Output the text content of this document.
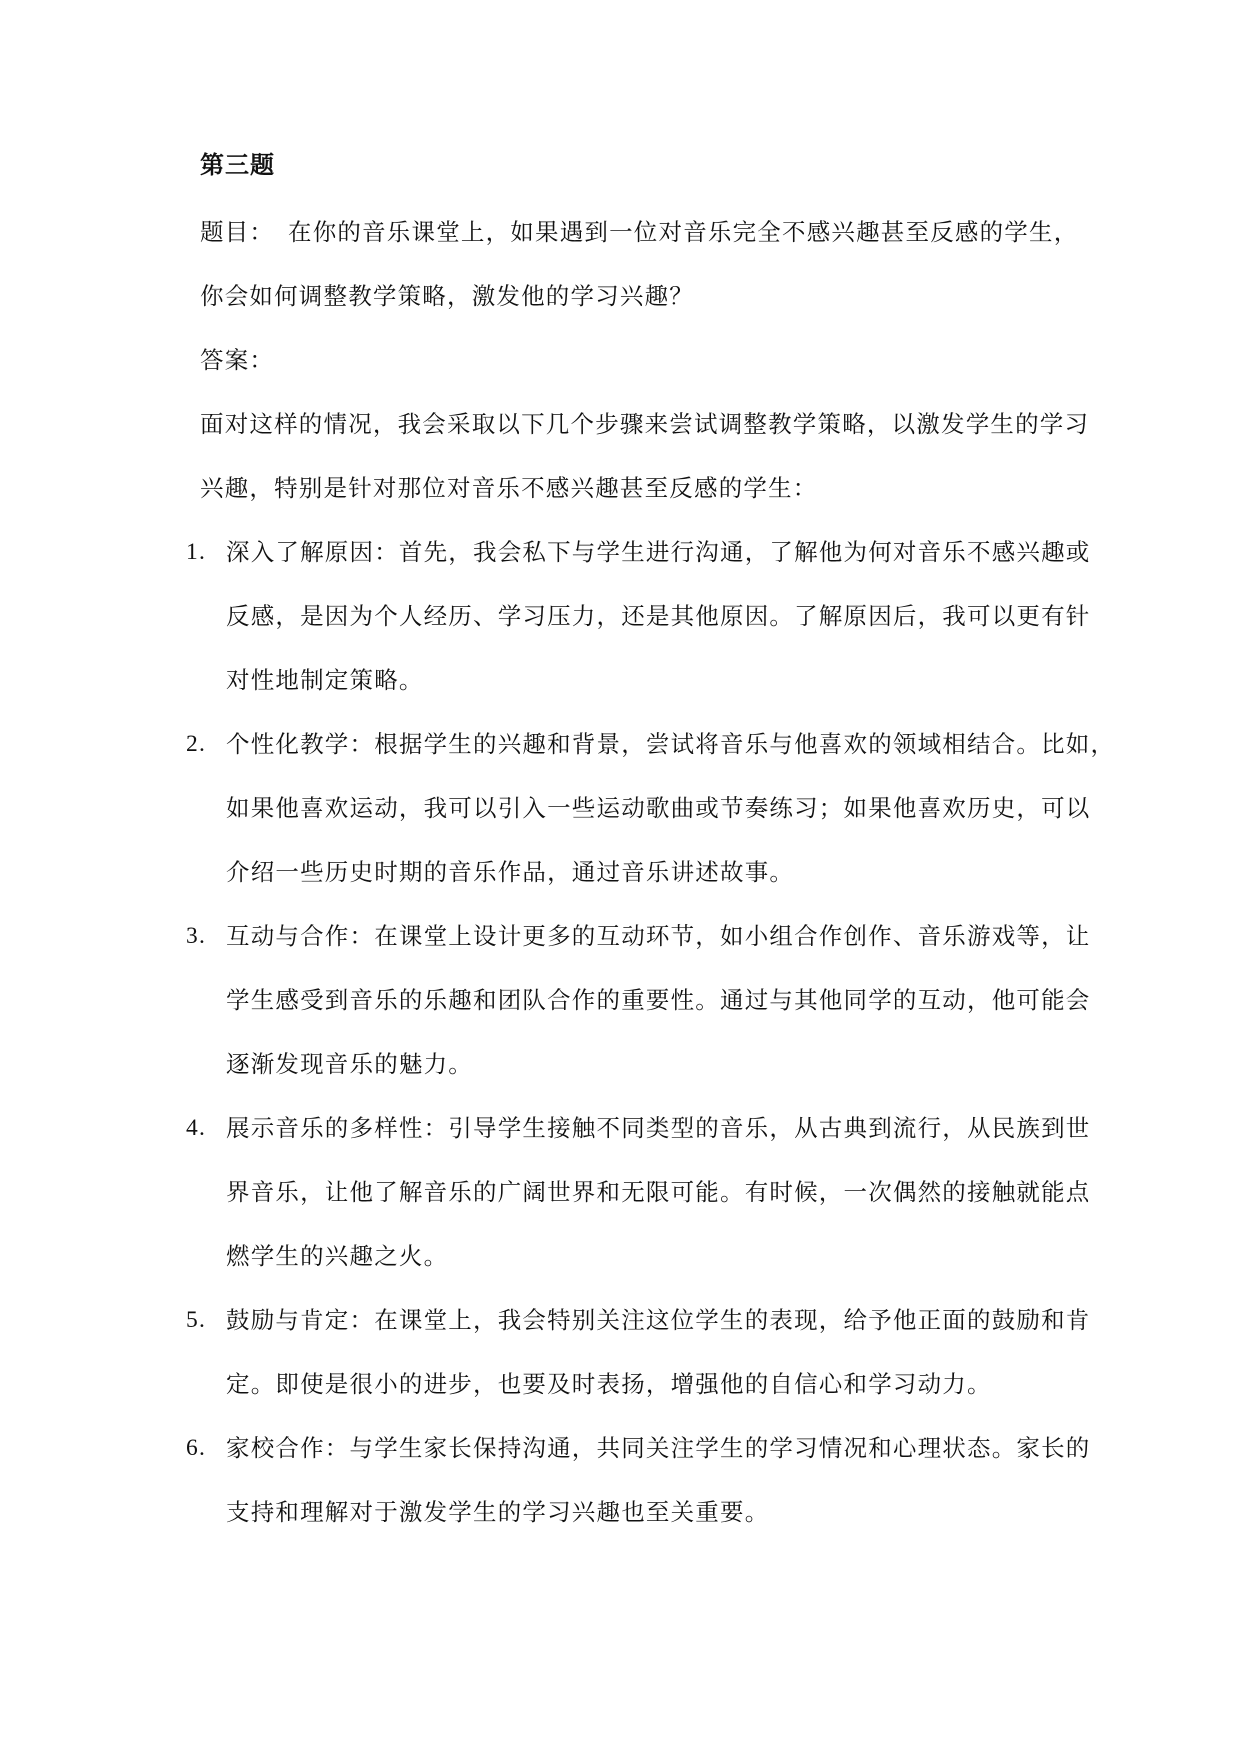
第三题
题目： 在你的音乐课堂上，如果遇到一位对音乐完全不感兴趣甚至反感的学生，
你会如何调整教学策略，激发他的学习兴趣？
答案：
面对这样的情况，我会采取以下几个步骤来尝试调整教学策略，以激发学生的学习
兴趣，特别是针对那位对音乐不感兴趣甚至反感的学生：
1. 深入了解原因：首先，我会私下与学生进行沟通，了解他为何对音乐不感兴趣或
反感，是因为个人经历、学习压力，还是其他原因。了解原因后，我可以更有针
对性地制定策略。
2. 个性化教学：根据学生的兴趣和背景，尝试将音乐与他喜欢的领域相结合。比如，
如果他喜欢运动，我可以引入一些运动歌曲或节奏练习；如果他喜欢历史，可以
介绍一些历史时期的音乐作品，通过音乐讲述故事。
3. 互动与合作：在课堂上设计更多的互动环节，如小组合作创作、音乐游戏等，让
学生感受到音乐的乐趣和团队合作的重要性。通过与其他同学的互动，他可能会
逐渐发现音乐的魅力。
4. 展示音乐的多样性：引导学生接触不同类型的音乐，从古典到流行，从民族到世
界音乐，让他了解音乐的广阔世界和无限可能。有时候，一次偶然的接触就能点
燃学生的兴趣之火。
5. 鼓励与肯定：在课堂上，我会特别关注这位学生的表现，给予他正面的鼓励和肯
定。即使是很小的进步，也要及时表扬，增强他的自信心和学习动力。
6. 家校合作：与学生家长保持沟通，共同关注学生的学习情况和心理状态。家长的
支持和理解对于激发学生的学习兴趣也至关重要。
